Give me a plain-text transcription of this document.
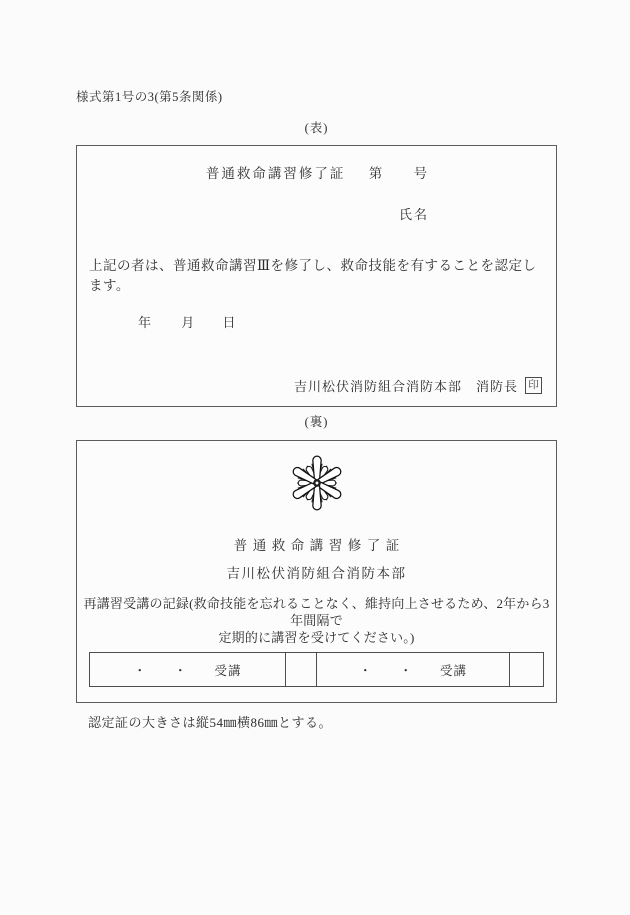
様式第1号の3(第5条関係)
(表)
普通救命講習修了証 第 号
氏名
上記の者は、普通救命講習Ⅲを修了し、救命技能を有することを認定します。
年 月 日
吉川松伏消防組合消防本部　消防長 印
(裏)
普通救命講習修了証
吉川松伏消防組合消防本部
再講習受講の記録(救命技能を忘れることなく、維持向上させるため、2年から3年間隔で
定期的に講習を受けてください。)
・　　・　　受講	・　　・　　受講
認定証の大きさは縦54㎜横86㎜とする。
